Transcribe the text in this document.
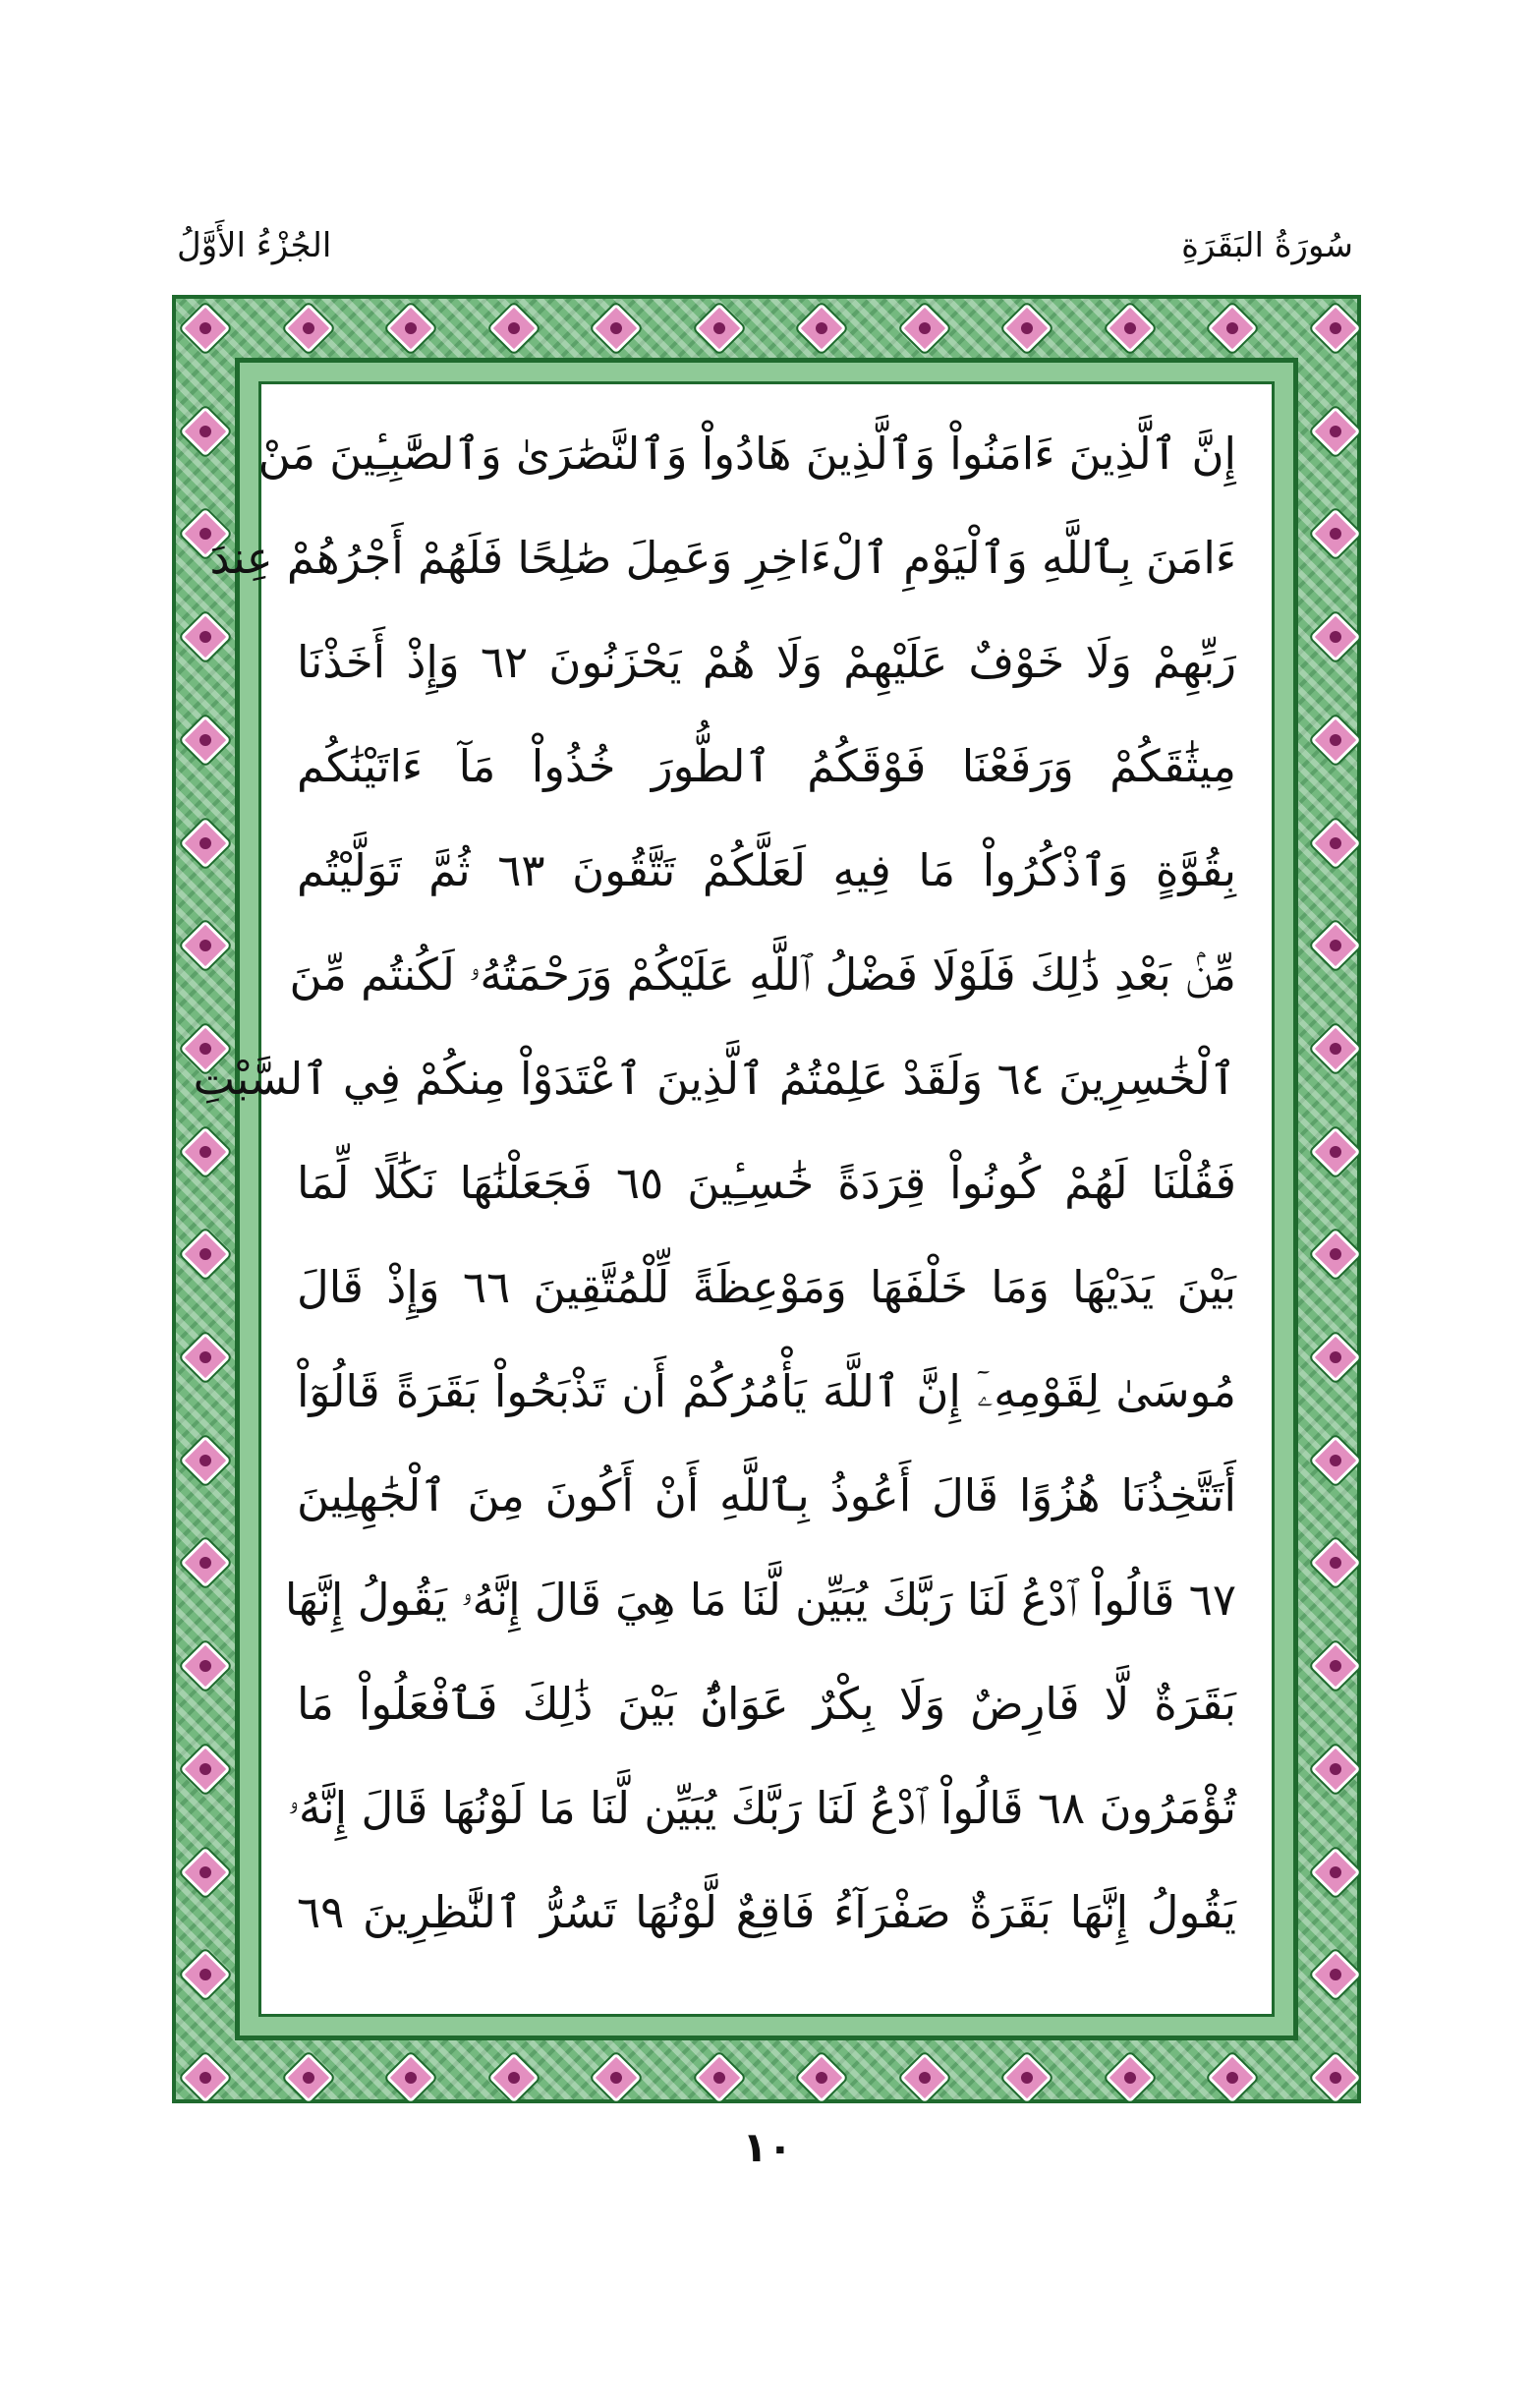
الجُزْءُ الأَوَّلُ	سُورَةُ البَقَرَةِ
إِنَّ ٱلَّذِينَ ءَامَنُواْ وَٱلَّذِينَ هَادُواْ وَٱلنَّصَٰرَىٰ وَٱلصَّٰبِـِٔينَ مَنْ
ءَامَنَ بِٱللَّهِ وَٱلْيَوْمِ ٱلْءَاخِرِ وَعَمِلَ صَٰلِحًا فَلَهُمْ أَجْرُهُمْ عِندَ
رَبِّهِمْ وَلَا خَوْفٌ عَلَيْهِمْ وَلَا هُمْ يَحْزَنُونَ ٦٢ وَإِذْ أَخَذْنَا
مِيثَٰقَكُمْ وَرَفَعْنَا فَوْقَكُمُ ٱلطُّورَ خُذُواْ مَآ ءَاتَيْنَٰكُم
بِقُوَّةٍ وَٱذْكُرُواْ مَا فِيهِ لَعَلَّكُمْ تَتَّقُونَ ٦٣ ثُمَّ تَوَلَّيْتُم
مِّنۢ بَعْدِ ذَٰلِكَ فَلَوْلَا فَضْلُ ٱللَّهِ عَلَيْكُمْ وَرَحْمَتُهُۥ لَكُنتُم مِّنَ
ٱلْخَٰسِرِينَ ٦٤ وَلَقَدْ عَلِمْتُمُ ٱلَّذِينَ ٱعْتَدَوْاْ مِنكُمْ فِي ٱلسَّبْتِ
فَقُلْنَا لَهُمْ كُونُواْ قِرَدَةً خَٰسِـِٔينَ ٦٥ فَجَعَلْنَٰهَا نَكَٰلًا لِّمَا
بَيْنَ يَدَيْهَا وَمَا خَلْفَهَا وَمَوْعِظَةً لِّلْمُتَّقِينَ ٦٦ وَإِذْ قَالَ
مُوسَىٰ لِقَوْمِهِۦٓ إِنَّ ٱللَّهَ يَأْمُرُكُمْ أَن تَذْبَحُواْ بَقَرَةً قَالُوٓاْ
أَتَتَّخِذُنَا هُزُوًا قَالَ أَعُوذُ بِٱللَّهِ أَنْ أَكُونَ مِنَ ٱلْجَٰهِلِينَ
٦٧ قَالُواْ ٱدْعُ لَنَا رَبَّكَ يُبَيِّن لَّنَا مَا هِيَ قَالَ إِنَّهُۥ يَقُولُ إِنَّهَا
بَقَرَةٌ لَّا فَارِضٌ وَلَا بِكْرٌ عَوَانٌۢ بَيْنَ ذَٰلِكَ فَٱفْعَلُواْ مَا
تُؤْمَرُونَ ٦٨ قَالُواْ ٱدْعُ لَنَا رَبَّكَ يُبَيِّن لَّنَا مَا لَوْنُهَا قَالَ إِنَّهُۥ
يَقُولُ إِنَّهَا بَقَرَةٌ صَفْرَآءُ فَاقِعٌ لَّوْنُهَا تَسُرُّ ٱلنَّٰظِرِينَ ٦٩
١٠
